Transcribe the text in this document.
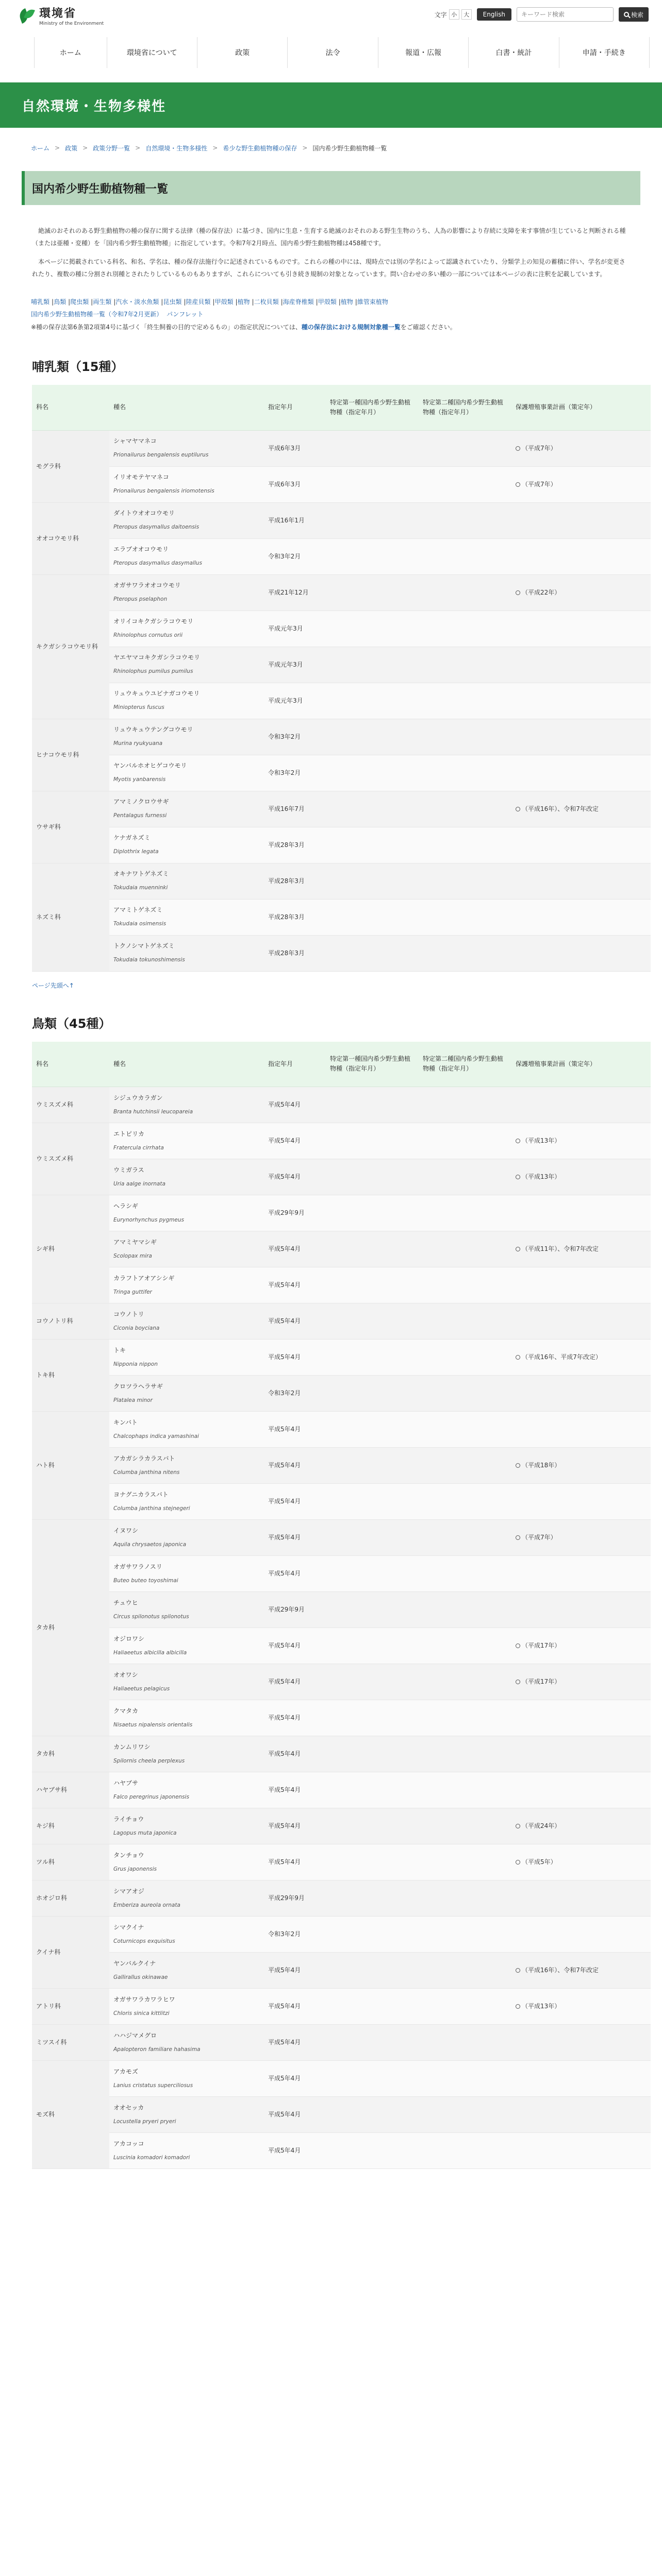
環境省
Ministry of the Environment
文字 小	大	English
キーワード検索	検索
ホーム	環境省について	政策	法令	報道・広報	白書・統計	申請・手続き
自然環境・生物多様性
ホーム > 政策 > 政策分野一覧 > 自然環境・生物多様性 > 希少な野生動植物種の保存 > 国内希少野生動植物種一覧
国内希少野生動植物種一覧

絶滅のおそれのある野生動植物の種の保存に関する法律（種の保存法）に基づき、国内に生息・生育する絶滅のおそれのある野生生物のうち、人為の影響により存続に支障を来す事情が生じていると判断される種（または亜種・変種）を「国内希少野生動植物種」に指定しています。令和7年2月時点、国内希少野生動植物種は458種です。

本ページに掲載されている科名、和名、学名は、種の保存法施行令に記述されているものです。これらの種の中には、現時点では別の学名によって認識されていたり、分類学上の知見の蓄積に伴い、学名が変更されたり、複数の種に分割され別種とされたりしているものもありますが、これらについても引き続き規制の対象となっています。問い合わせの多い種の一部については本ページの表に注釈を記載しています。

哺乳類 |鳥類 |爬虫類 |両生類 |汽水・淡水魚類 |昆虫類 |陸産貝類 |甲殻類 |植物 |二枚貝類 |海産脊椎類 |甲殻類 |植物 |維管束植物
国内希少野生動植物種一覧（令和7年2月更新） パンフレット
※種の保存法第6条第2項第4号に基づく「終生飼養の目的で定めるもの」の指定状況については、種の保存法における規制対象種一覧をご確認ください。
哺乳類（15種）
科名	種名	指定年月	特定第一種国内希少野生動植物種（指定年月）	特定第二種国内希少野生動植物種（指定年月）	保護増殖事業計画（策定年）
モグラ科	シャマヤマネコ
Prionailurus bengalensis euptilurus	平成6年3月			（平成7年）
	イリオモテヤマネコ
Prionailurus bengalensis iriomotensis	平成6年3月			（平成7年）
オオコウモリ科	ダイトウオオコウモリ
Pteropus dasymallus daitoensis	平成16年1月			
	エラブオオコウモリ
Pteropus dasymallus dasymallus	令和3年2月			
キクガシラコウモリ科	オガサワラオオコウモリ
Pteropus pselaphon	平成21年12月			（平成22年）
	オリイコキクガシラコウモリ
Rhinolophus cornutus orii	平成元年3月			
	ヤエヤマコキクガシラコウモリ
Rhinolophus pumilus pumilus	平成元年3月			
	リュウキュウユビナガコウモリ
Miniopterus fuscus	平成元年3月			
ヒナコウモリ科	リュウキュウテングコウモリ
Murina ryukyuana	令和3年2月			
	ヤンバルホオヒゲコウモリ
Myotis yanbarensis	令和3年2月			
ウサギ科	アマミノクロウサギ
Pentalagus furnessi	平成16年7月			（平成16年）、令和7年改定
	ケナガネズミ
Diplothrix legata	平成28年3月			
ネズミ科	オキナワトゲネズミ
Tokudaia muenninki	平成28年3月			
	アマミトゲネズミ
Tokudaia osimensis	平成28年3月			
	トクノシマトゲネズミ
Tokudaia tokunoshimensis	平成28年3月			
ページ先頭へ↑
鳥類（45種）
科名	種名	指定年月	特定第一種国内希少野生動植物種（指定年月）	特定第二種国内希少野生動植物種（指定年月）	保護増殖事業計画（策定年）
ウミスズメ科	シジュウカラガン
Branta hutchinsii leucopareia	平成5年4月			
ウミスズメ科	エトピリカ
Fratercula cirrhata	平成5年4月			（平成13年）
	ウミガラス
Uria aalge inornata	平成5年4月			（平成13年）
シギ科	ヘラシギ
Eurynorhynchus pygmeus	平成29年9月			
	アマミヤマシギ
Scolopax mira	平成5年4月			（平成11年）、令和7年改定
	カラフトアオアシシギ
Tringa guttifer	平成5年4月			
コウノトリ科	コウノトリ
Ciconia boyciana	平成5年4月			
トキ科	トキ
Nipponia nippon	平成5年4月			（平成16年、平成7年改定）
	クロツラヘラサギ
Platalea minor	令和3年2月			
ハト科	キンバト
Chalcophaps indica yamashinai	平成5年4月			
	アカガシラカラスバト
Columba janthina nitens	平成5年4月			（平成18年）
	ヨナグニカラスバト
Columba janthina stejnegeri	平成5年4月			
タカ科	イヌワシ
Aquila chrysaetos japonica	平成5年4月			（平成7年）
	オガサワラノスリ
Buteo buteo toyoshimai	平成5年4月			
	チュウヒ
Circus spilonotus spilonotus	平成29年9月			
	オジロワシ
Haliaeetus albicilla albicilla	平成5年4月			（平成17年）
	オオワシ
Haliaeetus pelagicus	平成5年4月			（平成17年）
	クマタカ
Nisaetus nipalensis orientalis	平成5年4月			
タカ科	カンムリワシ
Spilornis cheela perplexus	平成5年4月			
ハヤブサ科	ハヤブサ
Falco peregrinus japonensis	平成5年4月			
キジ科	ライチョウ
Lagopus muta japonica	平成5年4月			（平成24年）
ツル科	タンチョウ
Grus japonensis	平成5年4月			（平成5年）
ホオジロ科	シマアオジ
Emberiza aureola ornata	平成29年9月			
クイナ科	シマクイナ
Coturnicops exquisitus	令和3年2月			
	ヤンバルクイナ
Gallirallus okinawae	平成5年4月			（平成16年）、令和7年改定
アトリ科	オガサワラカワラヒワ
Chloris sinica kittlitzi	平成5年4月			（平成13年）
ミツスイ科	ハハジマメグロ
Apalopteron familiare hahasima	平成5年4月			
モズ科	アカモズ
Lanius cristatus superciliosus	平成5年4月			
	オオセッカ
Locustella pryeri pryeri	平成5年4月			
	アカコッコ
Luscinia komadori komadori	平成5年4月			
